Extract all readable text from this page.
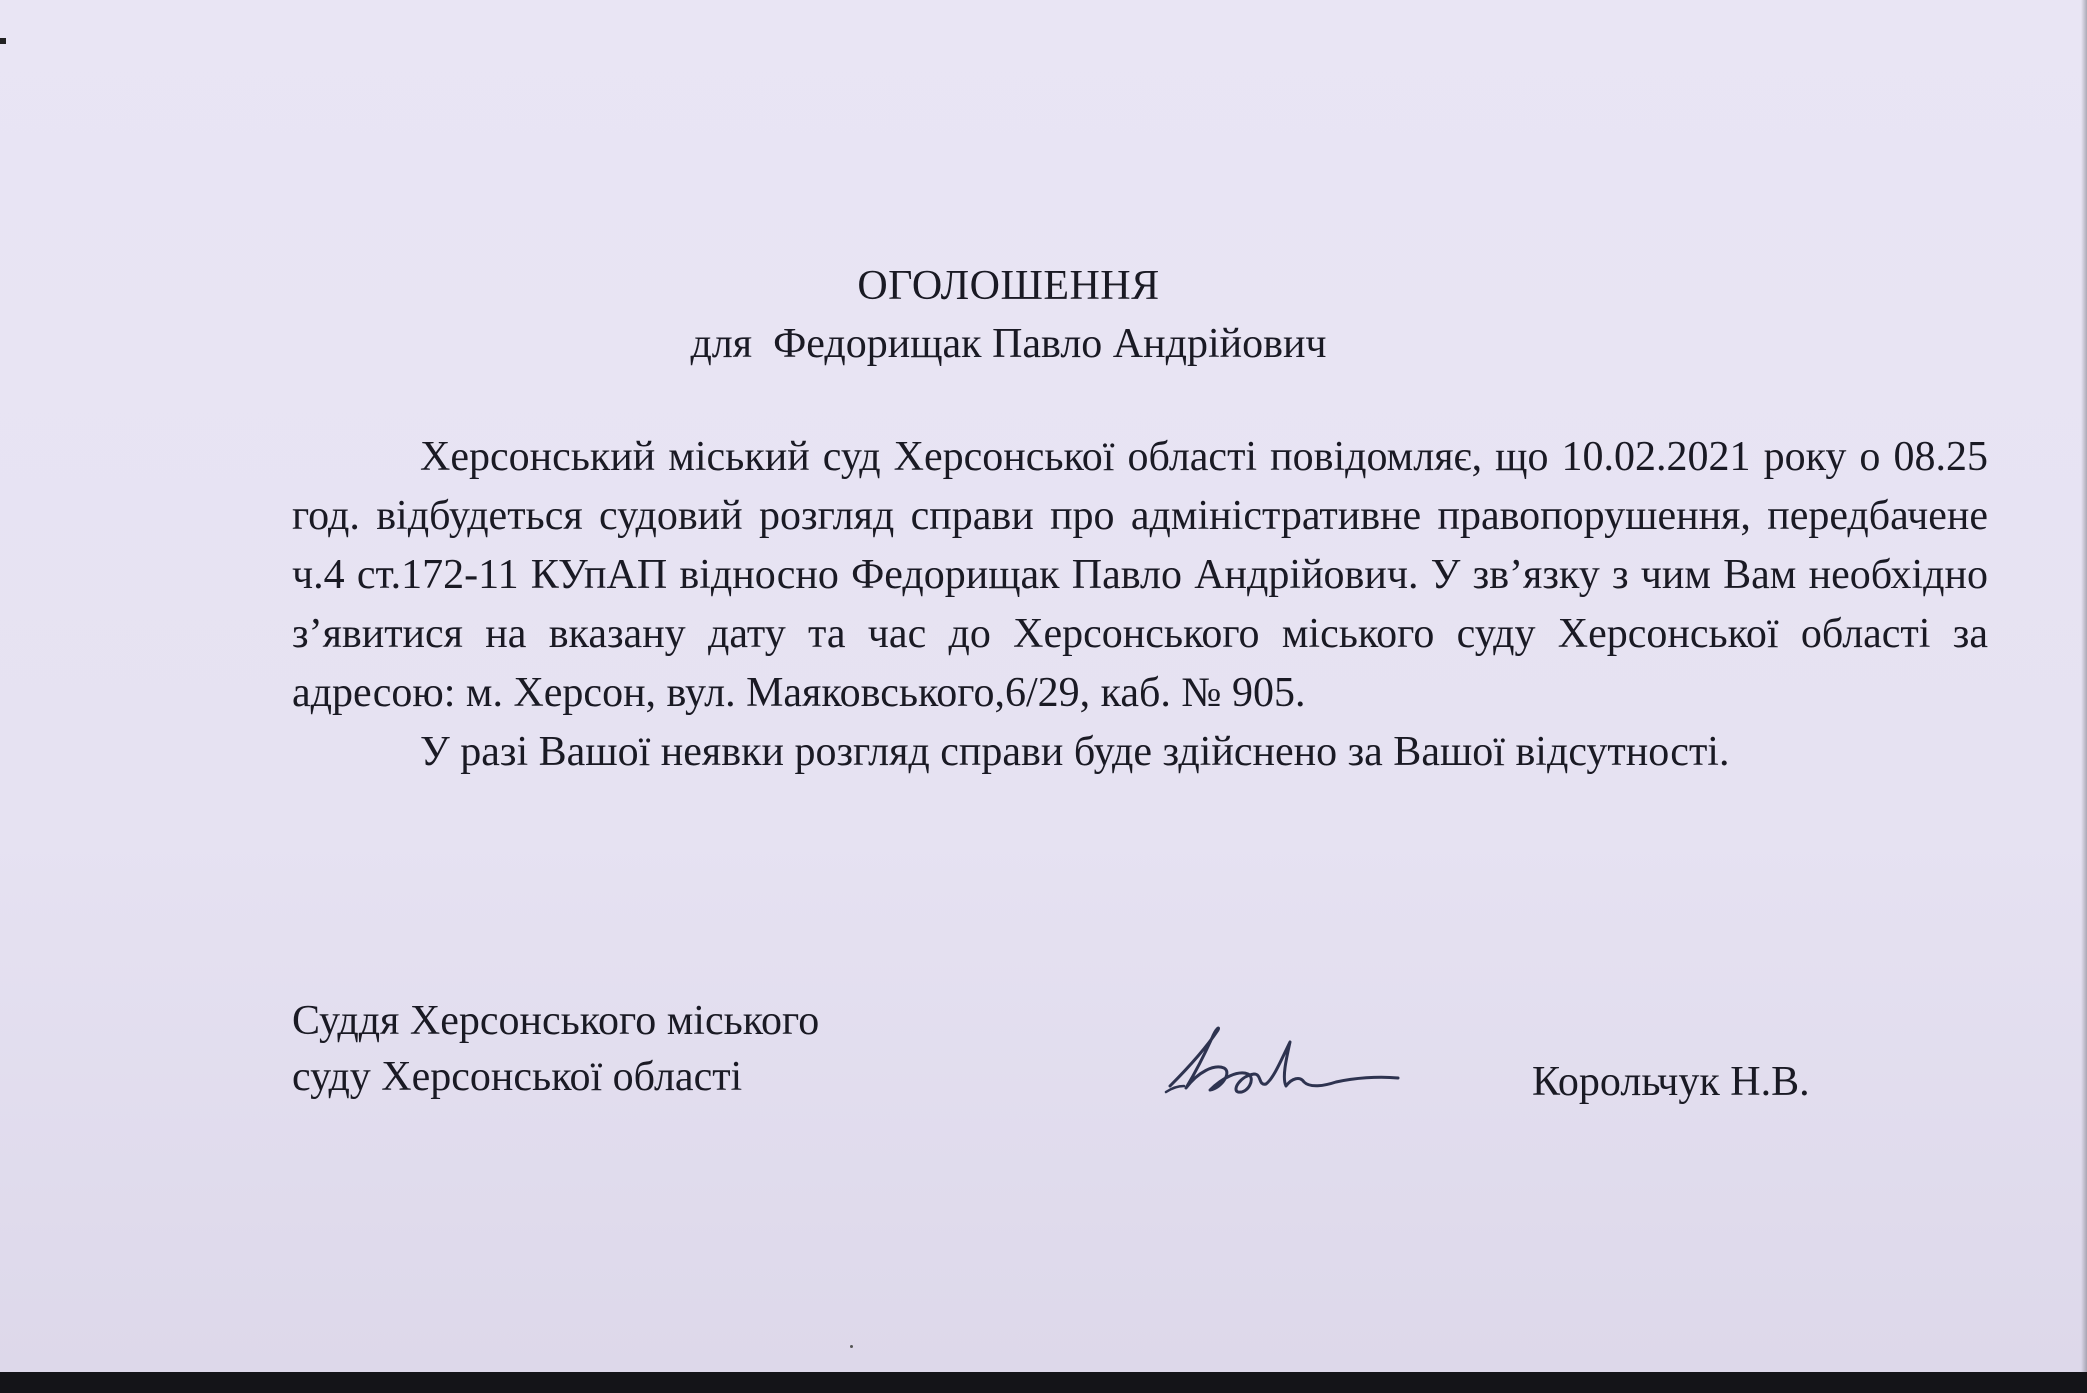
ОГОЛОШЕННЯ
для  Федорищак Павло Андрійович

Херсонський міський суд Херсонської області повідомляє, що 10.02.2021 року о 08.25 год. відбудеться судовий розгляд справи про адміністративне правопорушення, передбачене ч.4 ст.172-11 КУпАП відносно Федорищак Павло Андрійович. У зв’язку з чим Вам необхідно з’явитися на вказану дату та час до Херсонського міського суду Херсонської області за адресою: м. Херсон, вул. Маяковського,6/29, каб. № 905.

У разі Вашої неявки розгляд справи буде здійснено за Вашої відсутності.

Суддя Херсонського міського
суду Херсонської області	Корольчук Н.В.
